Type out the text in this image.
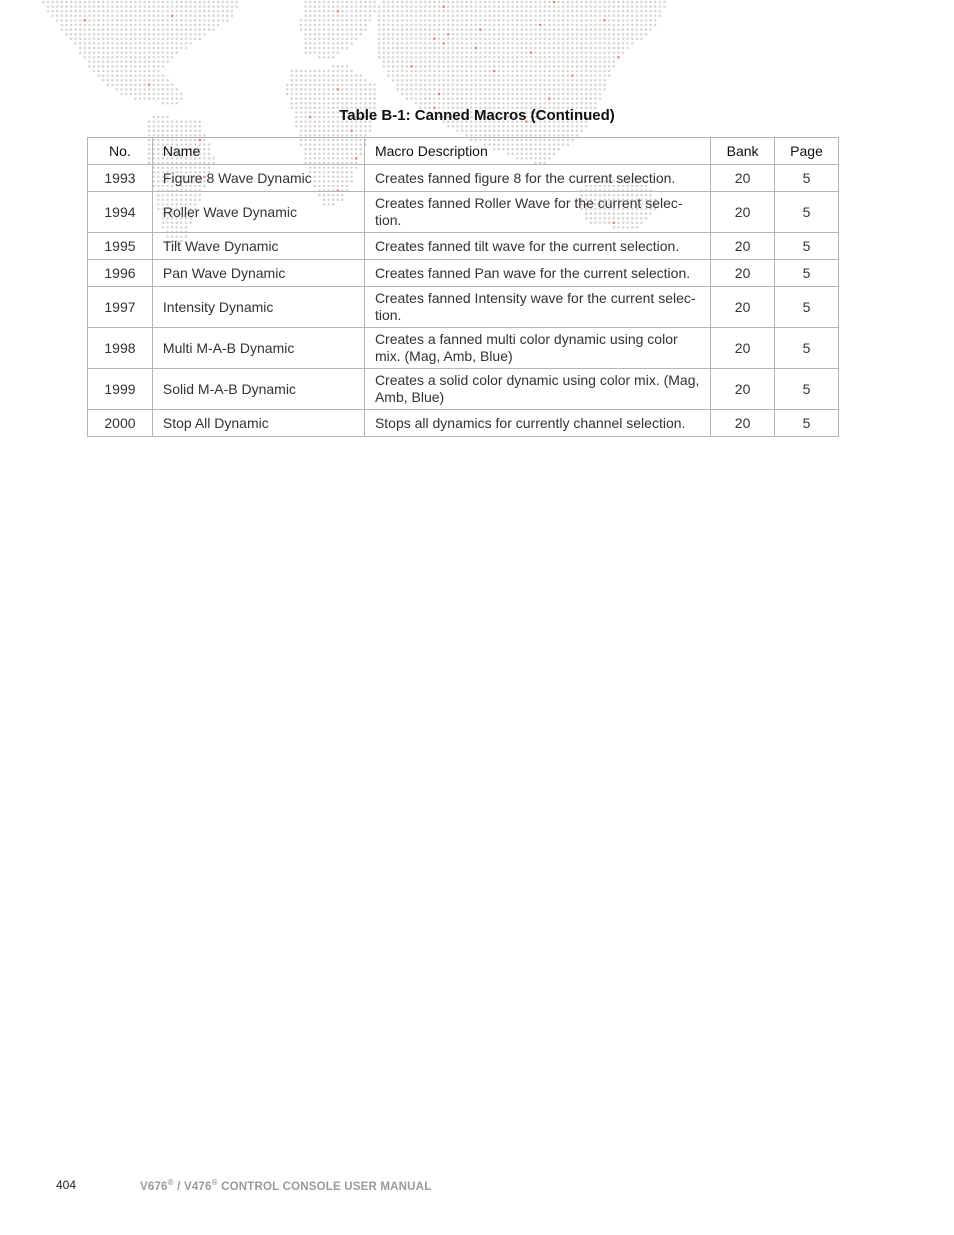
Table B-1: Canned Macros (Continued)
No.	Name	Macro Description	Bank	Page
1993	Figure 8 Wave Dynamic	Creates fanned figure 8 for the current selection.	20	5
1994	Roller Wave Dynamic	Creates fanned Roller Wave for the current selec-tion.	20	5
1995	Tilt Wave Dynamic	Creates fanned tilt wave for the current selection.	20	5
1996	Pan Wave Dynamic	Creates fanned Pan wave for the current selection.	20	5
1997	Intensity Dynamic	Creates fanned Intensity wave for the current selec-tion.	20	5
1998	Multi M-A-B Dynamic	Creates a fanned multi color dynamic using color mix. (Mag, Amb, Blue)	20	5
1999	Solid M-A-B Dynamic	Creates a solid color dynamic using color mix. (Mag, Amb, Blue)	20	5
2000	Stop All Dynamic	Stops all dynamics for currently channel selection.	20	5
404	V676® / V476® CONTROL CONSOLE USER MANUAL
